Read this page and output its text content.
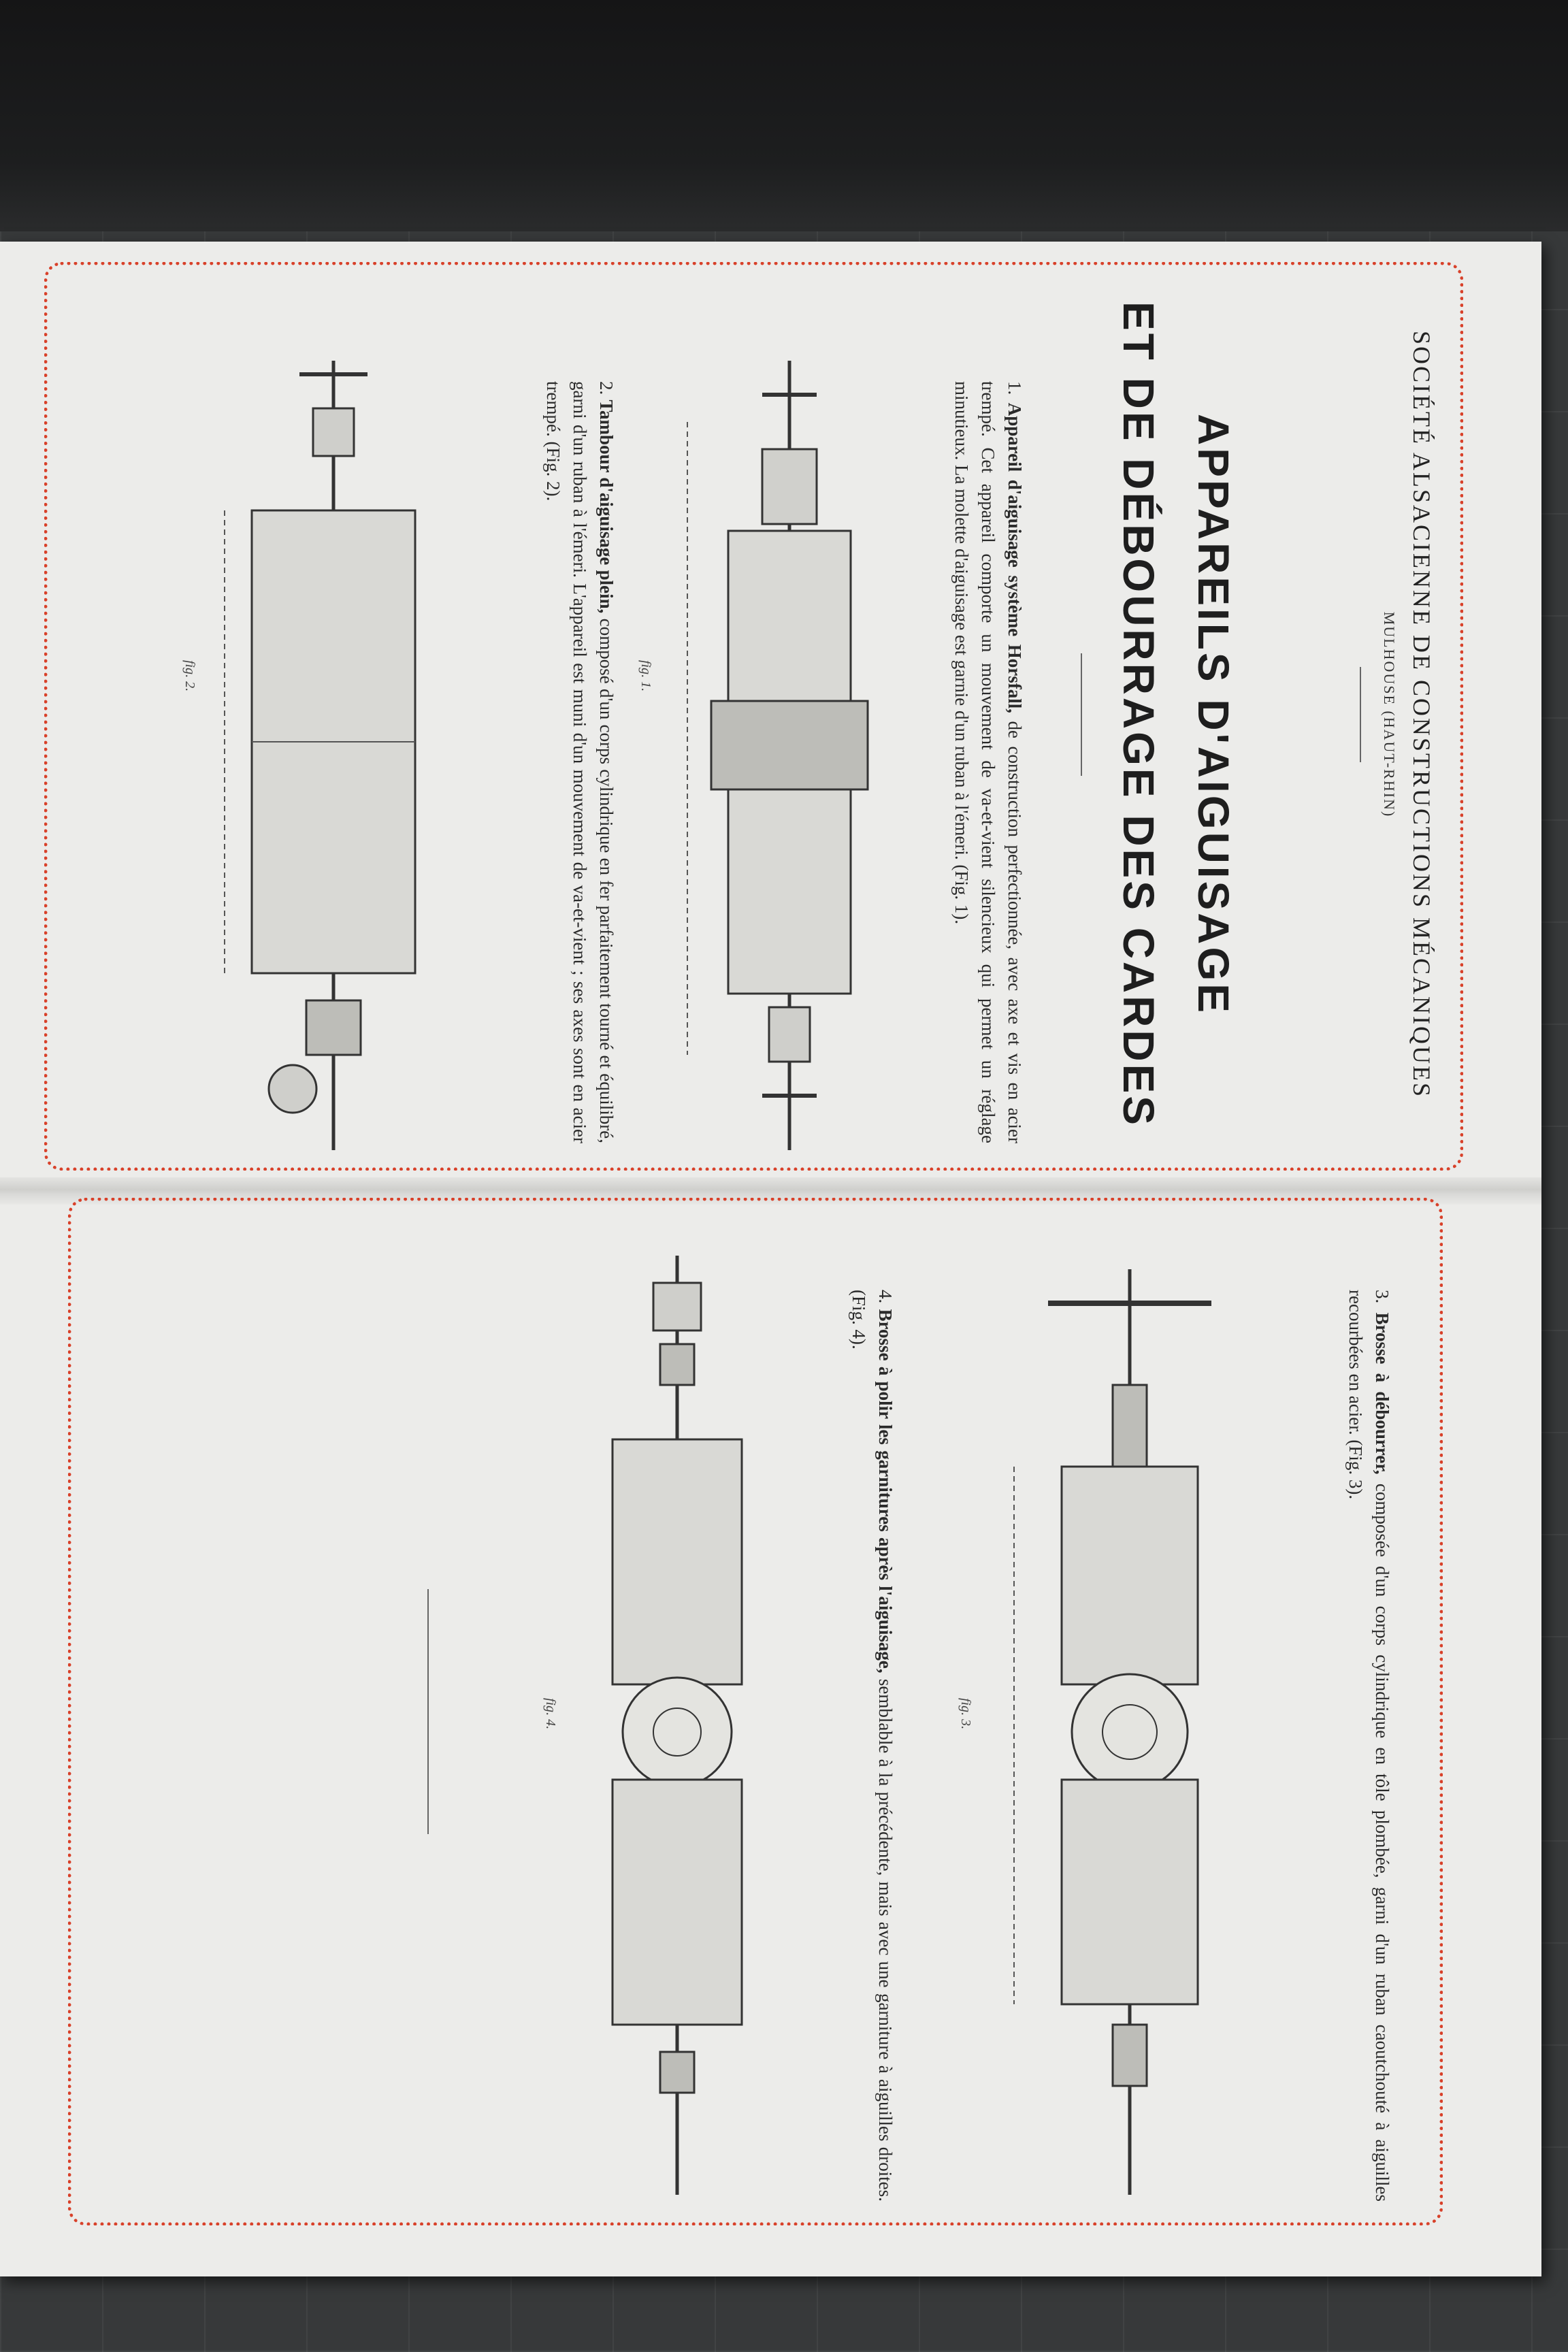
SOCIÉTÉ ALSACIENNE DE CONSTRUCTIONS MÉCANIQUES
MULHOUSE (HAUT-RHIN)
APPAREILS D'AIGUISAGE
ET DE DÉBOURRAGE DES CARDES
1. Appareil d'aiguisage système Horsfall, de construction perfectionnée, avec axe et vis en acier trempé. Cet appareil comporte un mouvement de va-et-vient silencieux qui permet un réglage minutieux. La molette d'aiguisage est garnie d'un ruban à l'émeri. (Fig. 1).
fig. 1.
2. Tambour d'aiguisage plein, composé d'un corps cylindrique en fer parfaitement tourné et équilibré, garni d'un ruban à l'émeri. L'appareil est muni d'un mouvement de va-et-vient ; ses axes sont en acier trempé. (Fig. 2).
fig. 2.
3. Brosse à débourrer, composée d'un corps cylindrique en tôle plombée, garni d'un ruban caoutchouté à aiguilles recourbées en acier. (Fig. 3).
fig. 3.
4. Brosse à polir les garnitures après l'aiguisage, semblable à la précédente, mais avec une garniture à aiguilles droites. (Fig. 4).
fig. 4.
